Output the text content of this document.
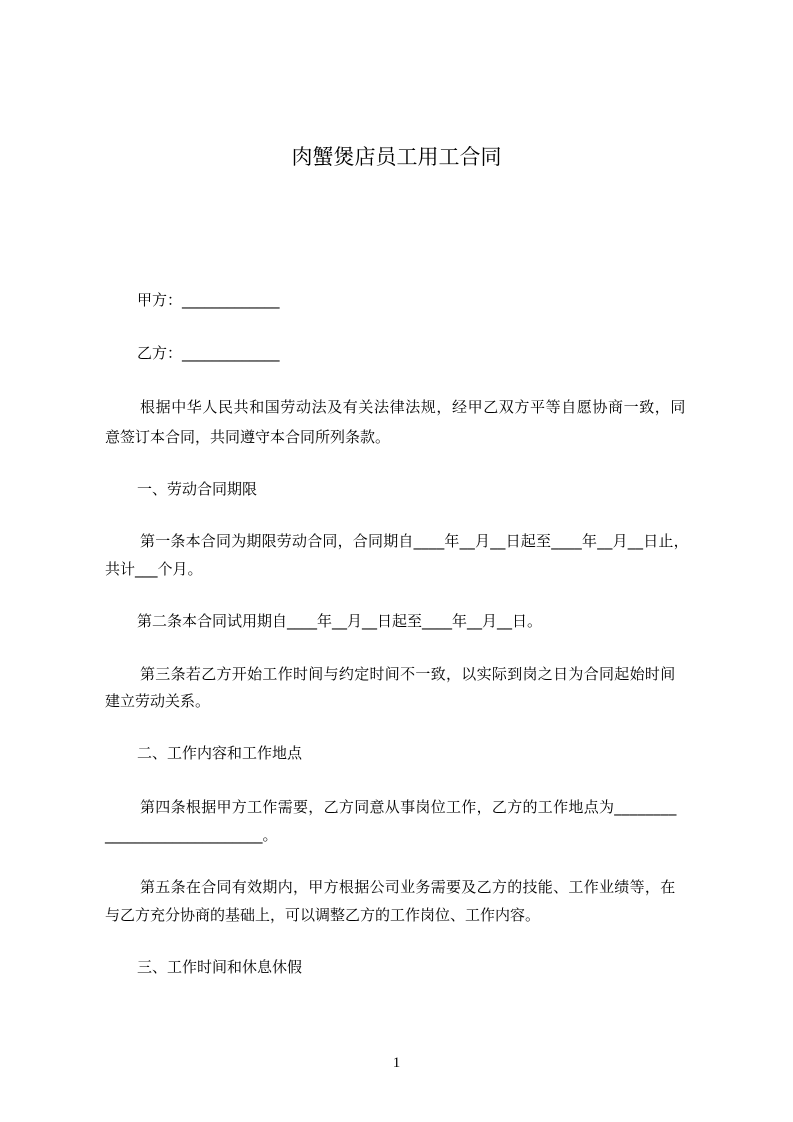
肉蟹煲店员工用工合同
甲方：_____________
乙方：_____________
根据中华人民共和国劳动法及有关法律法规，经甲乙双方平等自愿协商一致，同
意签订本合同，共同遵守本合同所列条款。
一、劳动合同期限
第一条本合同为期限劳动合同，合同期自____年__月__日起至____年__月__日止，
共计___个月。
第二条本合同试用期自____年__月__日起至____年__月__日。
第三条若乙方开始工作时间与约定时间不一致，以实际到岗之日为合同起始时间
建立劳动关系。
二、工作内容和工作地点
第四条根据甲方工作需要，乙方同意从事岗位工作，乙方的工作地点为________
_____________________。
第五条在合同有效期内，甲方根据公司业务需要及乙方的技能、工作业绩等，在
与乙方充分协商的基础上，可以调整乙方的工作岗位、工作内容。
三、工作时间和休息休假
1
